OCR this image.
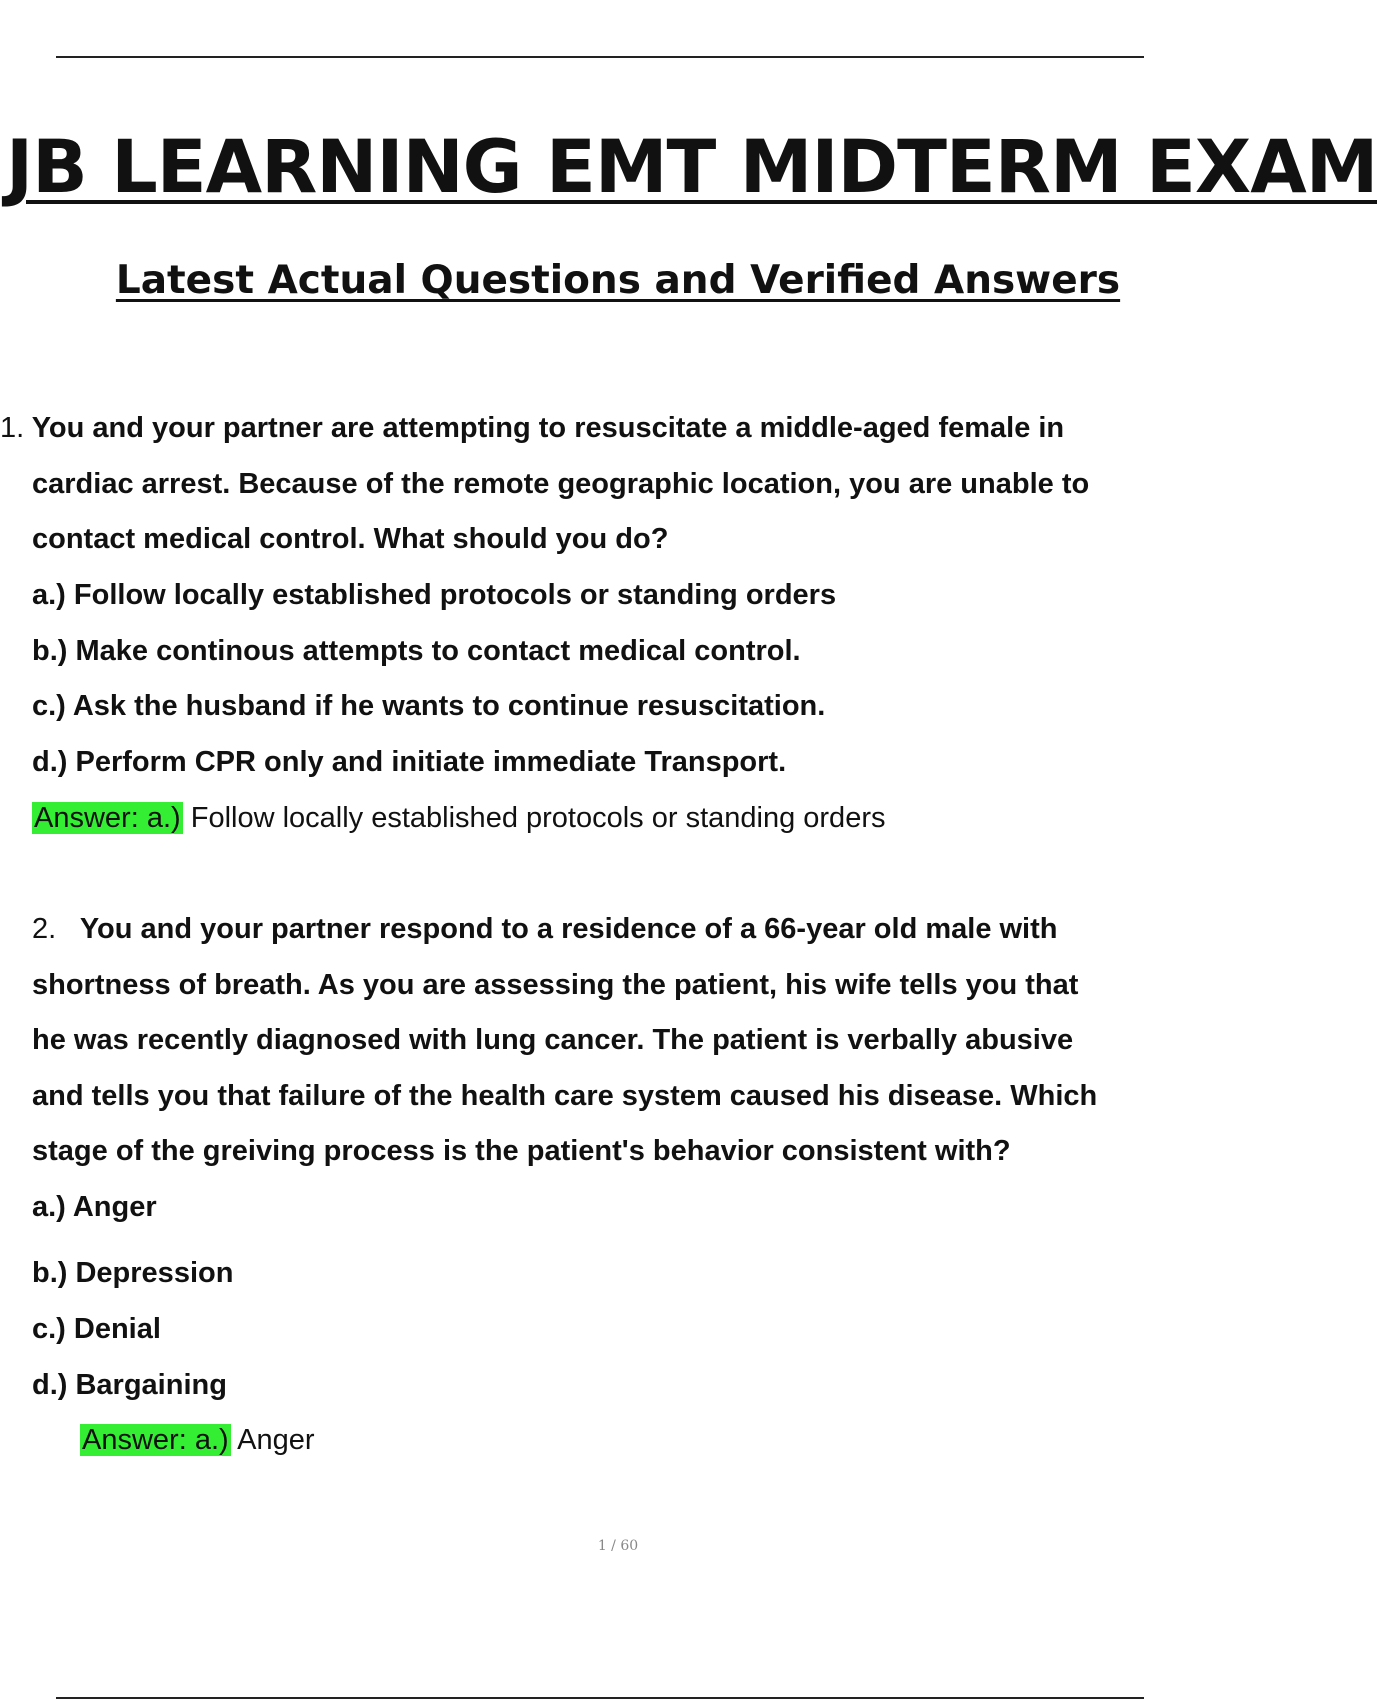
JB LEARNING EMT MIDTERM EXAM
Latest Actual Questions and Verified Answers
1. You and your partner are attempting to resuscitate a middle-aged female in
cardiac arrest. Because of the remote geographic location, you are unable to
contact medical control. What should you do?
a.) Follow locally established protocols or standing orders
b.) Make continous attempts to contact medical control.
c.) Ask the husband if he wants to continue resuscitation.
d.) Perform CPR only and initiate immediate Transport.
Answer: a.) Follow locally established protocols or standing orders
2. You and your partner respond to a residence of a 66-year old male with
shortness of breath. As you are assessing the patient, his wife tells you that
he was recently diagnosed with lung cancer. The patient is verbally abusive
and tells you that failure of the health care system caused his disease. Which
stage of the greiving process is the patient's behavior consistent with?
a.) Anger
b.) Depression
c.) Denial
d.) Bargaining
Answer: a.) Anger
1 / 60
